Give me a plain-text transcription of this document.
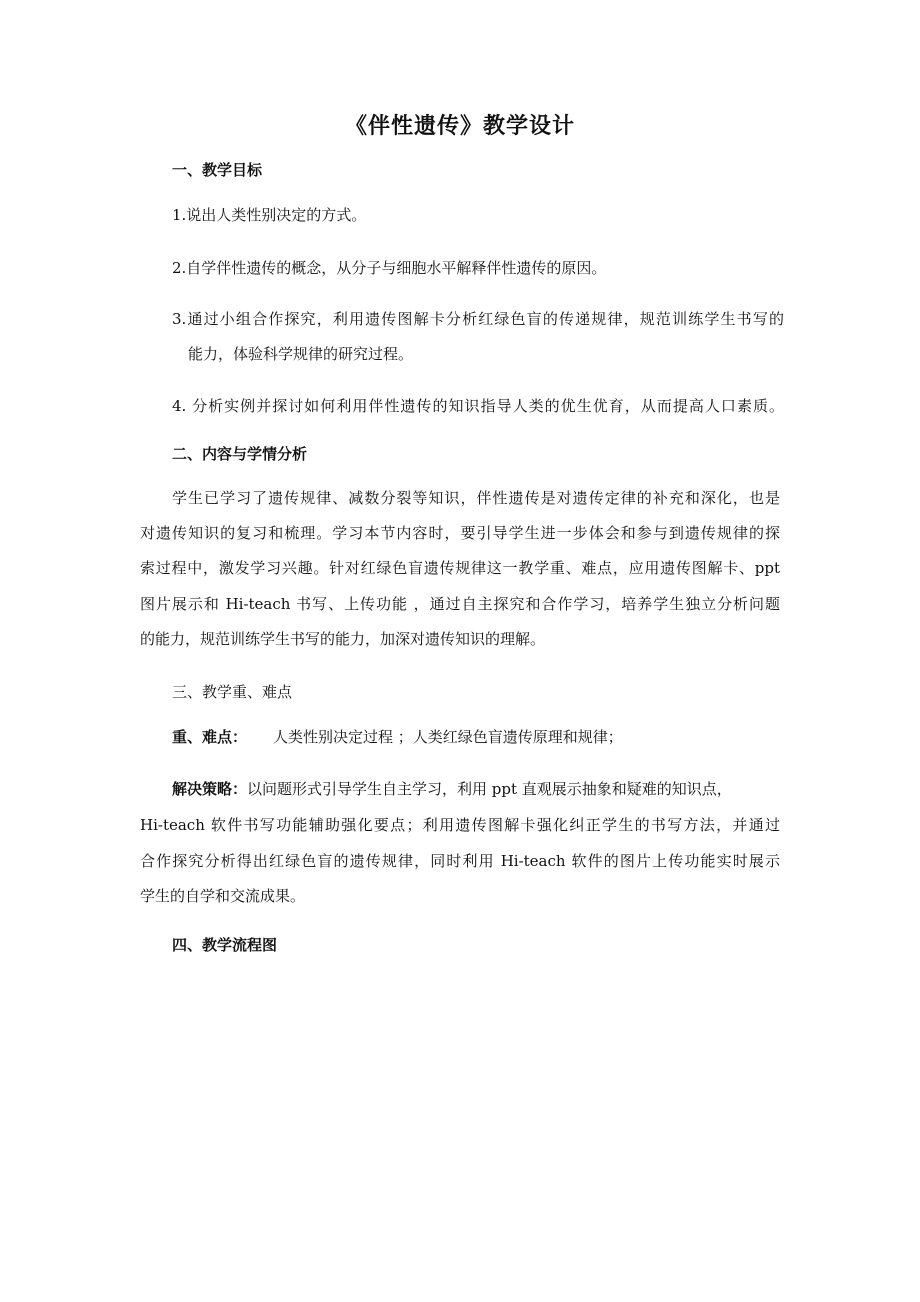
《伴性遗传》教学设计
一、教学目标
1.说出人类性别决定的方式。
2.自学伴性遗传的概念，从分子与细胞水平解释伴性遗传的原因。
3.通过小组合作探究，利用遗传图解卡分析红绿色盲的传递规律，规范训练学生书写的
能力，体验科学规律的研究过程。
4. 分析实例并探讨如何利用伴性遗传的知识指导人类的优生优育，从而提高人口素质。
二、内容与学情分析
学生已学习了遗传规律、减数分裂等知识，伴性遗传是对遗传定律的补充和深化，也是
对遗传知识的复习和梳理。学习本节内容时，要引导学生进一步体会和参与到遗传规律的探
索过程中，激发学习兴趣。针对红绿色盲遗传规律这一教学重、难点，应用遗传图解卡、ppt
图片展示和 Hi-teach 书写、上传功能 ，通过自主探究和合作学习，培养学生独立分析问题
的能力，规范训练学生书写的能力，加深对遗传知识的理解。
三、教学重、难点
重、难点： 人类性别决定过程 ；人类红绿色盲遗传原理和规律；
解决策略：以问题形式引导学生自主学习，利用 ppt 直观展示抽象和疑难的知识点，
Hi-teach 软件书写功能辅助强化要点；利用遗传图解卡强化纠正学生的书写方法，并通过
合作探究分析得出红绿色盲的遗传规律，同时利用 Hi-teach 软件的图片上传功能实时展示
学生的自学和交流成果。
四、教学流程图
